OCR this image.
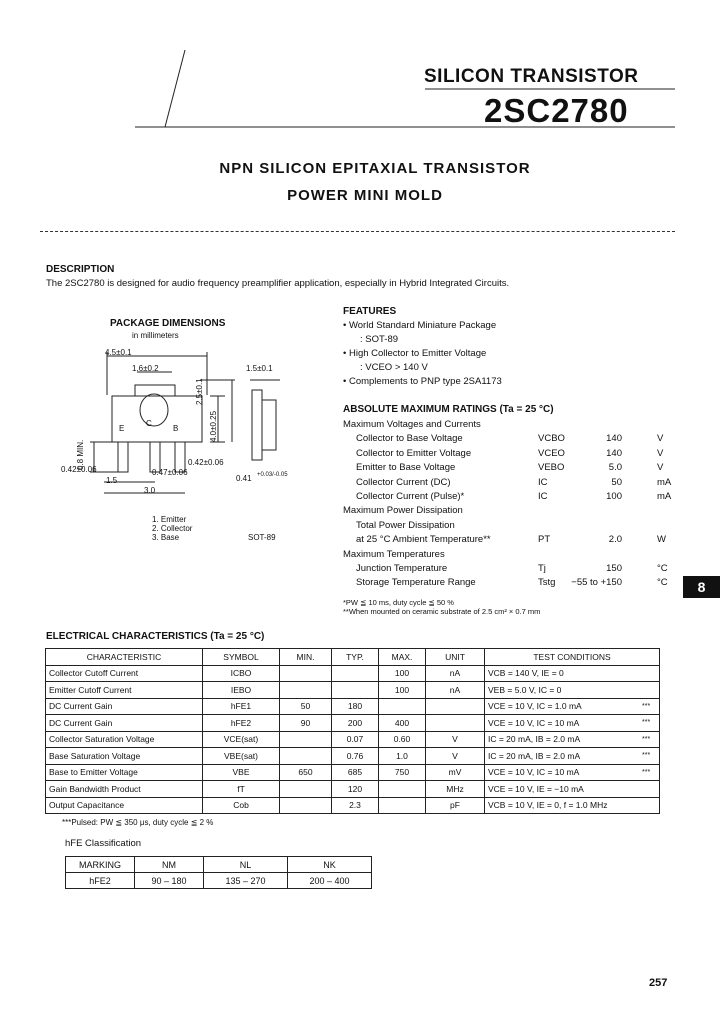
SILICON TRANSISTOR
2SC2780
NPN SILICON EPITAXIAL TRANSISTOR
POWER MINI MOLD
DESCRIPTION
The 2SC2780 is designed for audio frequency preamplifier application, especially in Hybrid Integrated Circuits.
PACKAGE DIMENSIONS
in millimeters
4.5±0.1
1.6±0.2	1.5±0.1
2.5±0.1
4.0±0.25
0.8 MIN.
0.42±0.06
0.42±0.06
0.47±0.06
0.41 +0.03/-0.05
1.5
3.0
E
C
B
1. Emitter
2. Collector
3. Base	SOT-89
FEATURES
• World Standard Miniature Package
: SOT-89
• High Collector to Emitter Voltage
: VCEO > 140 V
• Complements to PNP type 2SA1173
ABSOLUTE MAXIMUM RATINGS (Ta = 25 °C)
Maximum Voltages and Currents
Collector to Base Voltage	VCBO	140	V
Collector to Emitter Voltage	VCEO	140	V
Emitter to Base Voltage	VEBO	5.0	V
Collector Current (DC)	IC	50	mA
Collector Current (Pulse)*	IC	100	mA
Maximum Power Dissipation
Total Power Dissipation
at 25 °C Ambient Temperature**	PT	2.0	W
Maximum Temperatures
Junction Temperature	Tj	150	°C
Storage Temperature Range	Tstg	−55 to +150	°C
*PW ≦ 10 ms, duty cycle ≦ 50 %
**When mounted on ceramic substrate of 2.5 cm² × 0.7 mm
8
ELECTRICAL CHARACTERISTICS (Ta = 25 °C)
CHARACTERISTIC	SYMBOL	MIN.	TYP.	MAX.	UNIT	TEST CONDITIONS	
Collector Cutoff Current	ICBO			100	nA	VCB = 140 V, IE = 0	
Emitter Cutoff Current	IEBO			100	nA	VEB = 5.0 V, IC = 0	
DC Current Gain	hFE1	50	180			VCE = 10 V, IC = 1.0 mA	***
DC Current Gain	hFE2	90	200	400		VCE = 10 V, IC = 10 mA	***
Collector Saturation Voltage	VCE(sat)		0.07	0.60	V	IC = 20 mA, IB = 2.0 mA	***
Base Saturation Voltage	VBE(sat)		0.76	1.0	V	IC = 20 mA, IB = 2.0 mA	***
Base to Emitter Voltage	VBE	650	685	750	mV	VCE = 10 V, IC = 10 mA	***
Gain Bandwidth Product	fT		120		MHz	VCE = 10 V, IE = −10 mA	
Output Capacitance	Cob		2.3		pF	VCB = 10 V, IE = 0, f = 1.0 MHz	
***Pulsed: PW ≦ 350 μs, duty cycle ≦ 2 %
hFE Classification
MARKING	NM	NL	NK
hFE2	90 – 180	135 – 270	200 – 400
257
